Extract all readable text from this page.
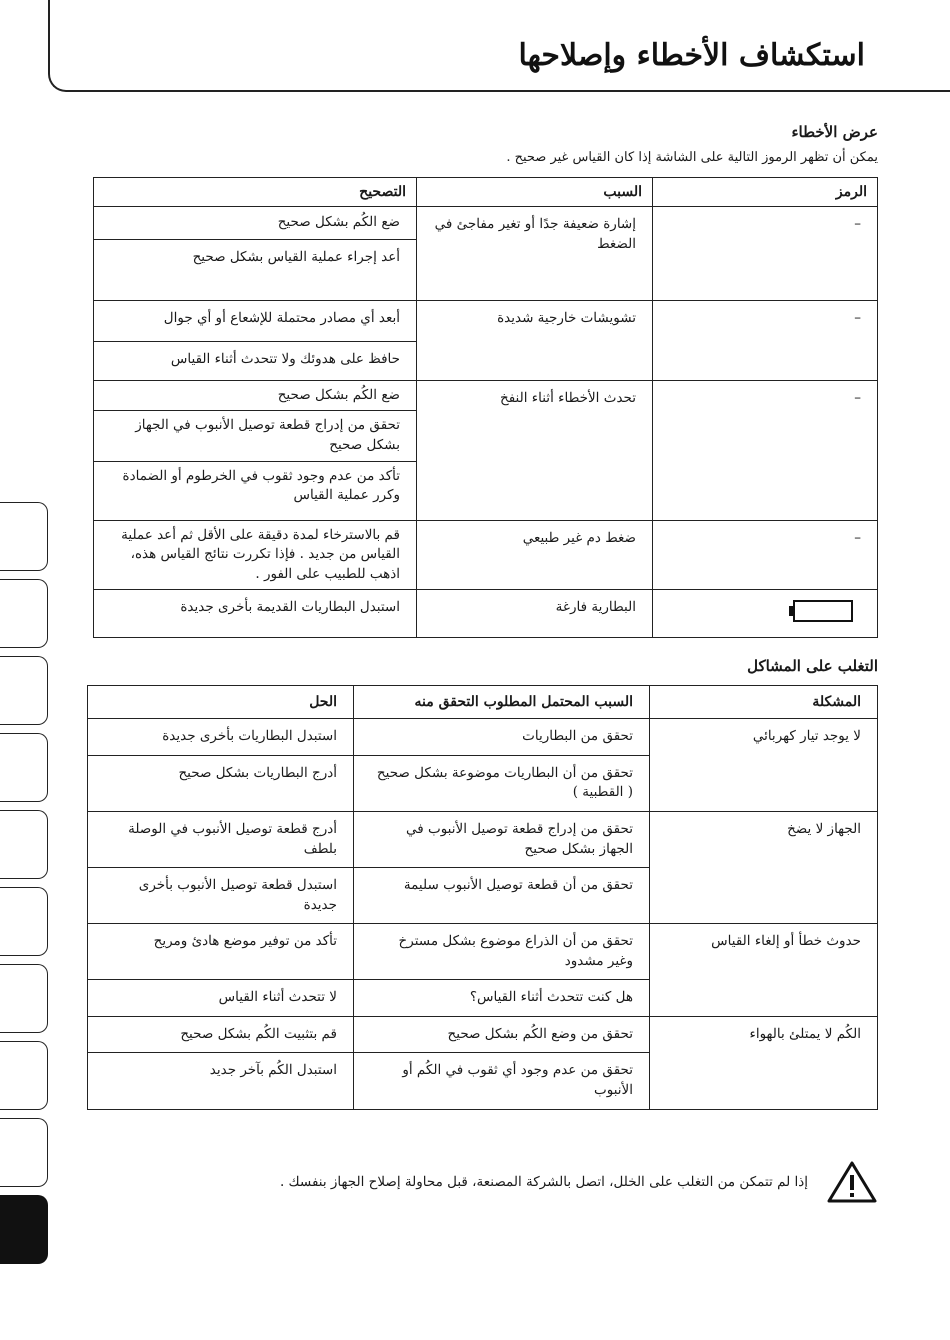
استكشاف الأخطاء وإصلاحها
عرض الأخطاء

يمكن أن تظهر الرموز التالية على الشاشة إذا كان القياس غير صحيح .

الرمز	السبب	التصحيح
–	إشارة ضعيفة جدًا أو تغير مفاجئ في الضغط	ضع الكُم بشكل صحيح
		أعد إجراء عملية القياس بشكل صحيح
–	تشويشات خارجية شديدة	أبعد أي مصادر محتملة للإشعاع أو أي جوال
		حافظ على هدوئك ولا تتحدث أثناء القياس
–	تحدث الأخطاء أثناء النفخ	ضع الكُم بشكل صحيح
		تحقق من إدراج قطعة توصيل الأنبوب في الجهاز بشكل صحيح
		تأكد من عدم وجود ثقوب في الخرطوم أو الضمادة وكرر عملية القياس
–	ضغط دم غير طبيعي	قم بالاسترخاء لمدة دقيقة على الأقل ثم أعد عملية القياس من جديد . فإذا تكررت نتائج القياس هذه، اذهب للطبيب على الفور .
	البطارية فارغة	استبدل البطاريات القديمة بأخرى جديدة
التغلب على المشاكل
المشكلة	السبب المحتمل المطلوب التحقق منه	الحل
لا يوجد تيار كهربائي	تحقق من البطاريات	استبدل البطاريات بأخرى جديدة
	تحقق من أن البطاريات موضوعة بشكل صحيح ( القطبية )	أدرج البطاريات بشكل صحيح
الجهاز لا يضخ	تحقق من إدراج قطعة توصيل الأنبوب في الجهاز بشكل صحيح	أدرج قطعة توصيل الأنبوب في الوصلة بلطف
	تحقق من أن قطعة توصيل الأنبوب سليمة	استبدل قطعة توصيل الأنبوب بأخرى جديدة
حدوث خطأ أو إلغاء القياس	تحقق من أن الذراع موضوع بشكل مسترخ وغير مشدود	تأكد من توفير موضع هادئ ومريح
	هل كنت تتحدث أثناء القياس؟	لا تتحدث أثناء القياس
الكُم لا يمتلئ بالهواء	تحقق من وضع الكُم بشكل صحيح	قم بتثبيت الكُم بشكل صحيح
	تحقق من عدم وجود أي ثقوب في الكُم أو الأنبوب	استبدل الكُم بآخر جديد

إذا لم تتمكن من التغلب على الخلل، اتصل بالشركة المصنعة، قبل محاولة إصلاح الجهاز بنفسك .
